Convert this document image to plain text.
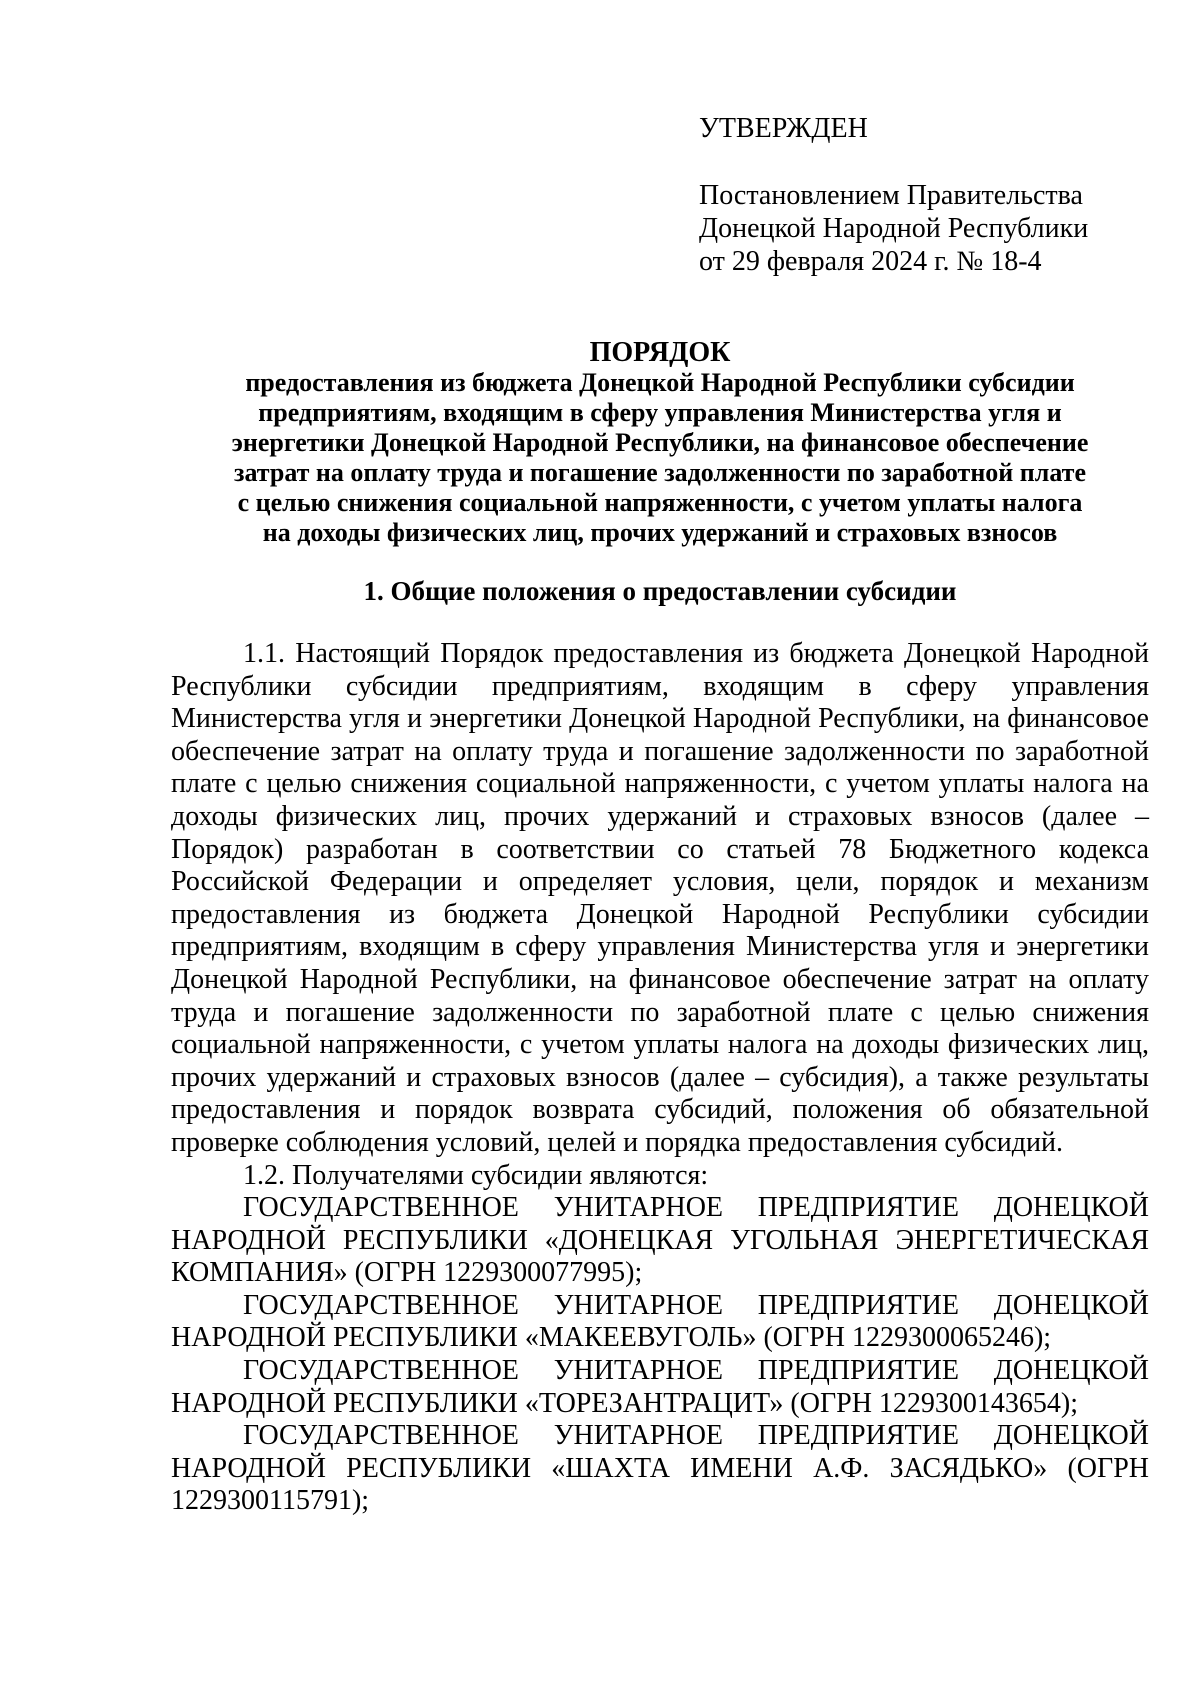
УТВЕРЖДЕН
Постановлением Правительства
Донецкой Народной Республики
от 29 февраля 2024 г. № 18-4
ПОРЯДОК
предоставления из бюджета Донецкой Народной Республики субсидии
предприятиям, входящим в сферу управления Министерства угля и
энергетики Донецкой Народной Республики, на финансовое обеспечение
затрат на оплату труда и погашение задолженности по заработной плате
с целью снижения социальной напряженности, с учетом уплаты налога
на доходы физических лиц, прочих удержаний и страховых взносов
1. Общие положения о предоставлении субсидии

1.1. Настоящий Порядок предоставления из бюджета Донецкой Народной Республики субсидии предприятиям, входящим в сферу управления Министерства угля и энергетики Донецкой Народной Республики, на финансовое обеспечение затрат на оплату труда и погашение задолженности по заработной плате с целью снижения социальной напряженности, с учетом уплаты налога на доходы физических лиц, прочих удержаний и страховых взносов (далее – Порядок) разработан в соответствии со статьей 78 Бюджетного кодекса Российской Федерации и определяет условия, цели, порядок и механизм предоставления из бюджета Донецкой Народной Республики субсидии предприятиям, входящим в сферу управления Министерства угля и энергетики Донецкой Народной Республики, на финансовое обеспечение затрат на оплату труда и погашение задолженности по заработной плате с целью снижения социальной напряженности, с учетом уплаты налога на доходы физических лиц, прочих удержаний и страховых взносов (далее – субсидия), а также результаты предоставления и порядок возврата субсидий, положения об обязательной проверке соблюдения условий, целей и порядка предоставления субсидий.

1.2. Получателями субсидии являются:

ГОСУДАРСТВЕННОЕ УНИТАРНОЕ ПРЕДПРИЯТИЕ ДОНЕЦКОЙ НАРОДНОЙ РЕСПУБЛИКИ «ДОНЕЦКАЯ УГОЛЬНАЯ ЭНЕРГЕТИЧЕСКАЯ КОМПАНИЯ» (ОГРН 1229300077995);

ГОСУДАРСТВЕННОЕ УНИТАРНОЕ ПРЕДПРИЯТИЕ ДОНЕЦКОЙ НАРОДНОЙ РЕСПУБЛИКИ «МАКЕЕВУГОЛЬ» (ОГРН 1229300065246);

ГОСУДАРСТВЕННОЕ УНИТАРНОЕ ПРЕДПРИЯТИЕ ДОНЕЦКОЙ НАРОДНОЙ РЕСПУБЛИКИ «ТОРЕЗАНТРАЦИТ» (ОГРН 1229300143654);

ГОСУДАРСТВЕННОЕ УНИТАРНОЕ ПРЕДПРИЯТИЕ ДОНЕЦКОЙ НАРОДНОЙ РЕСПУБЛИКИ «ШАХТА ИМЕНИ А.Ф. ЗАСЯДЬКО» (ОГРН 1229300115791);
